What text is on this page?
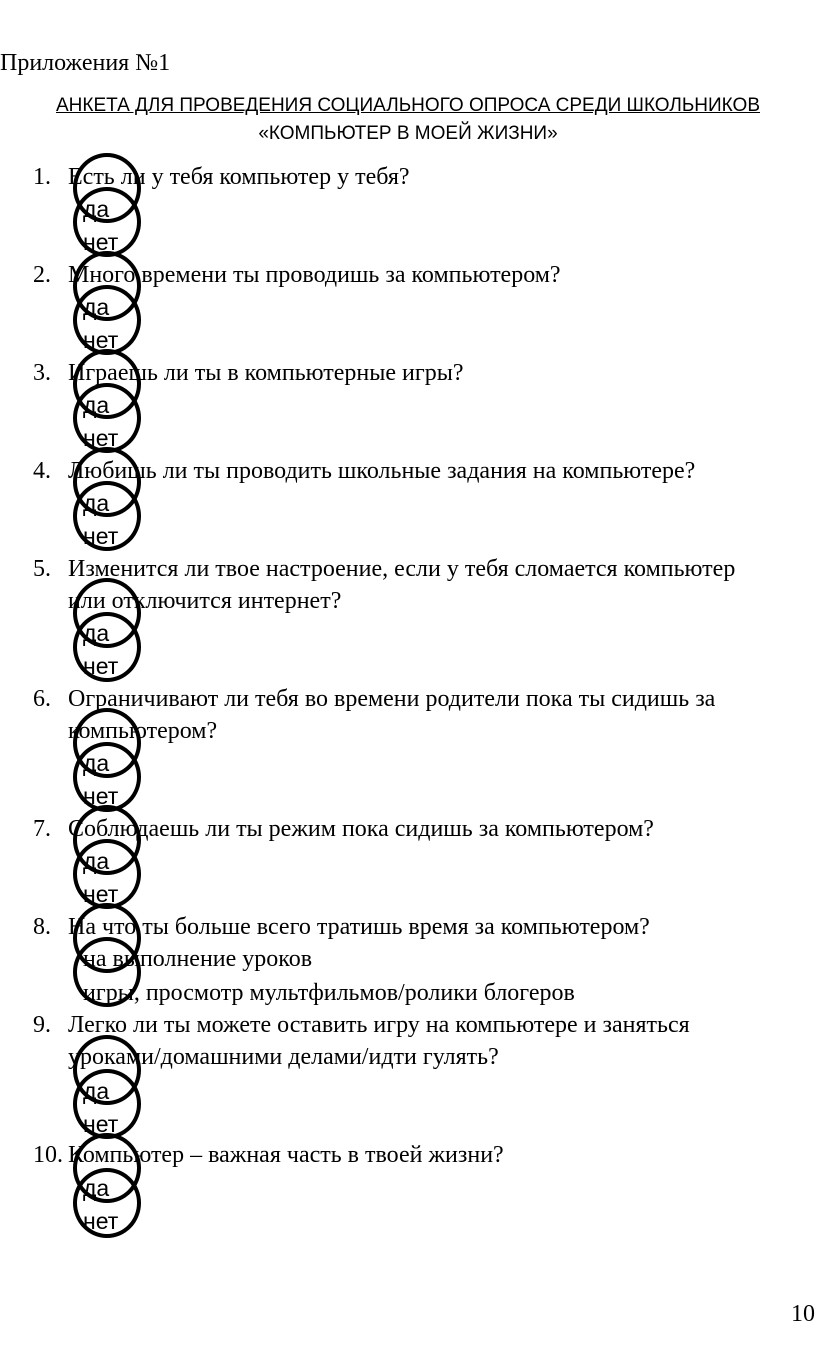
Приложения №1
АНКЕТА ДЛЯ ПРОВЕДЕНИЯ СОЦИАЛЬНОГО ОПРОСА СРЕДИ ШКОЛЬНИКОВ
«КОМПЬЮТЕР В МОЕЙ ЖИЗНИ»
1. Есть ли у тебя компьютер у тебя?
да
нет
2. Много времени ты проводишь за компьютером?
да
нет
3. Играешь ли ты в компьютерные игры?
да
нет
4. Любишь ли ты проводить школьные задания на компьютере?
да
нет
5. Изменится ли твое настроение, если у тебя сломается компьютер
или отключится интернет?
да
нет
6. Ограничивают ли тебя во времени родители пока ты сидишь за
компьютером?
да
нет
7. Соблюдаешь ли ты режим пока сидишь за компьютером?
да
нет
8. На что ты больше всего тратишь время за компьютером?
на выполнение уроков
игры, просмотр мультфильмов/ролики блогеров
9. Легко ли ты можете оставить игру на компьютере и заняться
уроками/домашними делами/идти гулять?
да
нет
10. Компьютер – важная часть в твоей жизни?
да
нет
10
